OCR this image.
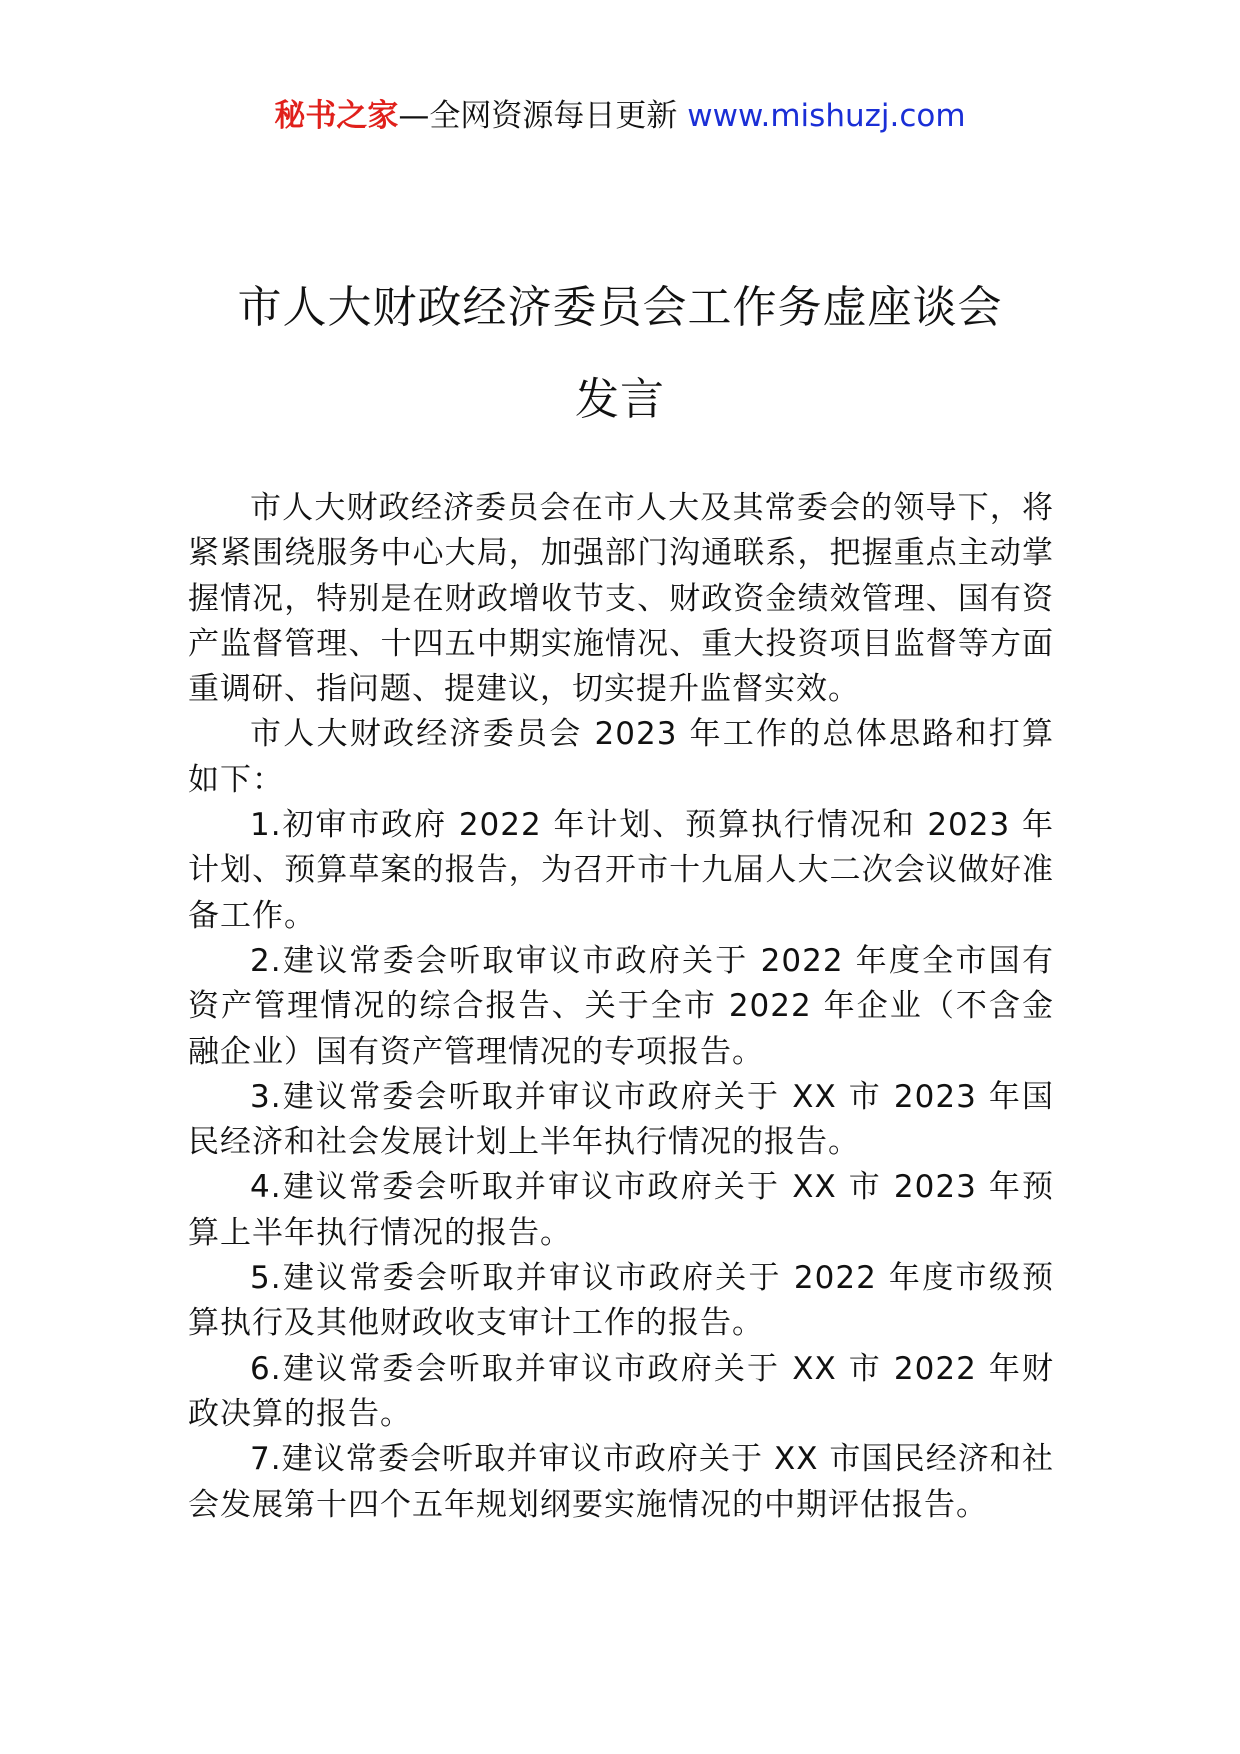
秘书之家—全网资源每日更新 www.mishuzj.com
市人大财政经济委员会工作务虚座谈会
发言

市人大财政经济委员会在市人大及其常委会的领导下，将紧紧围绕服务中心大局，加强部门沟通联系，把握重点主动掌握情况，特别是在财政增收节支、财政资金绩效管理、国有资产监督管理、十四五中期实施情况、重大投资项目监督等方面重调研、指问题、提建议，切实提升监督实效。

市人大财政经济委员会 2023 年工作的总体思路和打算如下：

1.初审市政府 2022 年计划、预算执行情况和 2023 年计划、预算草案的报告，为召开市十九届人大二次会议做好准备工作。

2.建议常委会听取审议市政府关于 2022 年度全市国有资产管理情况的综合报告、关于全市 2022 年企业（不含金融企业）国有资产管理情况的专项报告。

3.建议常委会听取并审议市政府关于 XX 市 2023 年国民经济和社会发展计划上半年执行情况的报告。

4.建议常委会听取并审议市政府关于 XX 市 2023 年预算上半年执行情况的报告。

5.建议常委会听取并审议市政府关于 2022 年度市级预算执行及其他财政收支审计工作的报告。

6.建议常委会听取并审议市政府关于 XX 市 2022 年财政决算的报告。

7.建议常委会听取并审议市政府关于 XX 市国民经济和社会发展第十四个五年规划纲要实施情况的中期评估报告。
